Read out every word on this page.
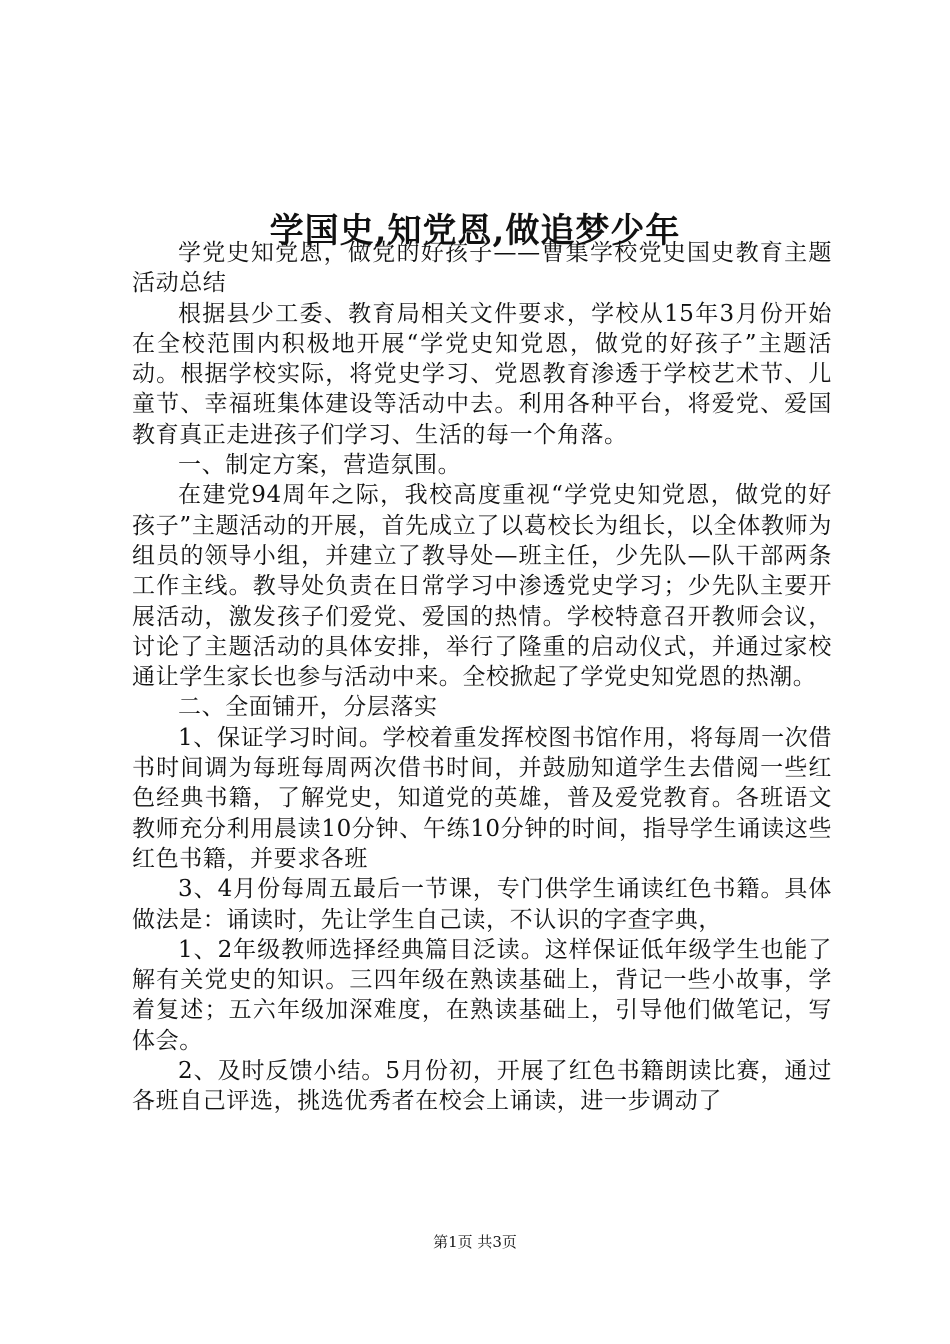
学国史,知党恩,做追梦少年

学党史知党恩，做党的好孩子——曹集学校党史国史教育主题活动总结

根据县少工委、教育局相关文件要求，学校从15年3月份开始在全校范围内积极地开展“学党史知党恩，做党的好孩子”主题活动。根据学校实际，将党史学习、党恩教育渗透于学校艺术节、儿童节、幸福班集体建设等活动中去。利用各种平台，将爱党、爱国教育真正走进孩子们学习、生活的每一个角落。

一、制定方案，营造氛围。

在建党94周年之际，我校高度重视“学党史知党恩，做党的好孩子”主题活动的开展，首先成立了以葛校长为组长，以全体教师为组员的领导小组，并建立了教导处—班主任，少先队—队干部两条工作主线。教导处负责在日常学习中渗透党史学习；少先队主要开展活动，激发孩子们爱党、爱国的热情。学校特意召开教师会议，讨论了主题活动的具体安排，举行了隆重的启动仪式，并通过家校通让学生家长也参与活动中来。全校掀起了学党史知党恩的热潮。

二、全面铺开，分层落实

1、保证学习时间。学校着重发挥校图书馆作用，将每周一次借书时间调为每班每周两次借书时间，并鼓励知道学生去借阅一些红色经典书籍，了解党史，知道党的英雄，普及爱党教育。各班语文教师充分利用晨读10分钟、午练10分钟的时间，指导学生诵读这些红色书籍，并要求各班

3、4月份每周五最后一节课，专门供学生诵读红色书籍。具体做法是：诵读时，先让学生自己读，不认识的字查字典，

1、2年级教师选择经典篇目泛读。这样保证低年级学生也能了解有关党史的知识。三四年级在熟读基础上，背记一些小故事，学着复述；五六年级加深难度，在熟读基础上，引导他们做笔记，写体会。

2、及时反馈小结。5月份初，开展了红色书籍朗读比赛，通过各班自己评选，挑选优秀者在校会上诵读，进一步调动了

第1页 共3页
